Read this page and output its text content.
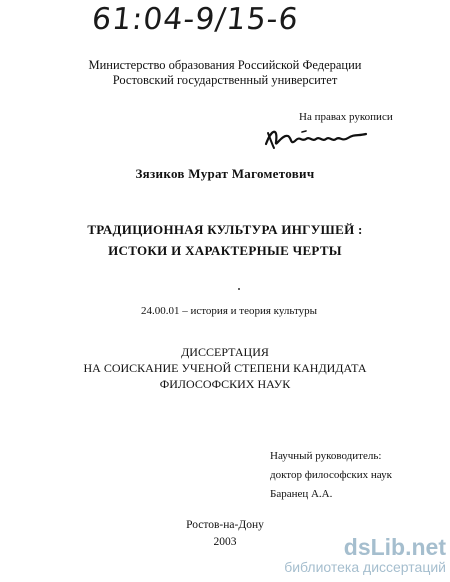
61:04-9/15-6
Министерство образования Российской Федерации
Ростовский государственный университет
На правах рукописи
Зязиков Мурат Магометович
ТРАДИЦИОННАЯ КУЛЬТУРА ИНГУШЕЙ :
ИСТОКИ И ХАРАКТЕРНЫЕ ЧЕРТЫ
24.00.01 – история и теория культуры
ДИССЕРТАЦИЯ
НА СОИСКАНИЕ УЧЕНОЙ СТЕПЕНИ КАНДИДАТА
ФИЛОСОФСКИХ НАУК
Научный руководитель:
доктор философских наук
Баранец А.А.
Ростов-на-Дону
2003	dsLib.net
библиотека диссертаций
